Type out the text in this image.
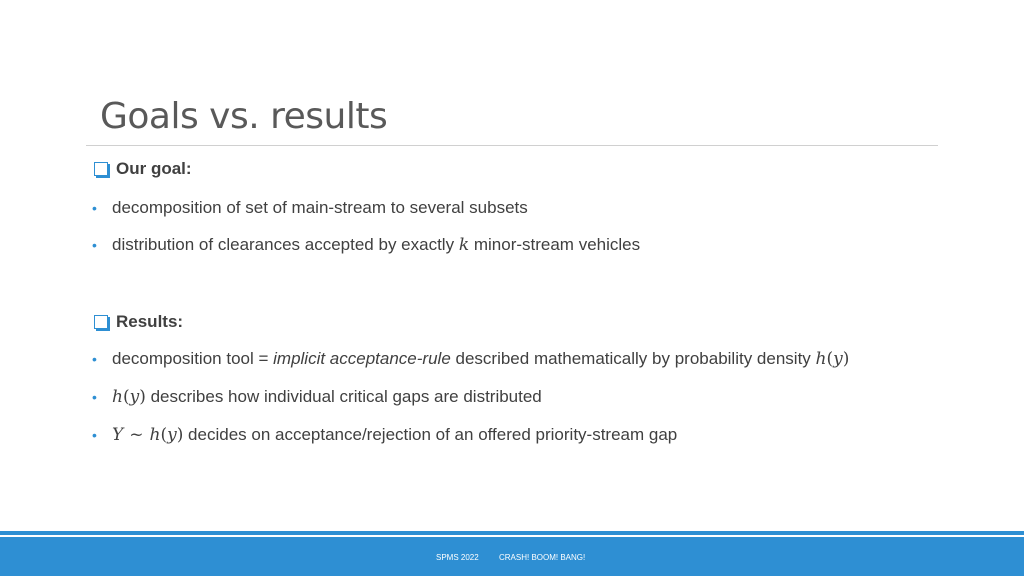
Goals vs. results
Our goal:
• decomposition of set of main-stream to several subsets
• distribution of clearances accepted by exactly k minor-stream vehicles
Results:
• decomposition tool = implicit acceptance-rule described mathematically by probability density h ( y )
• h ( y ) describes how individual critical gaps are distributed
• Y ~ h ( y ) decides on acceptance/rejection of an offered priority-stream gap
SPMS 2022	CRASH! BOOM! BANG!
